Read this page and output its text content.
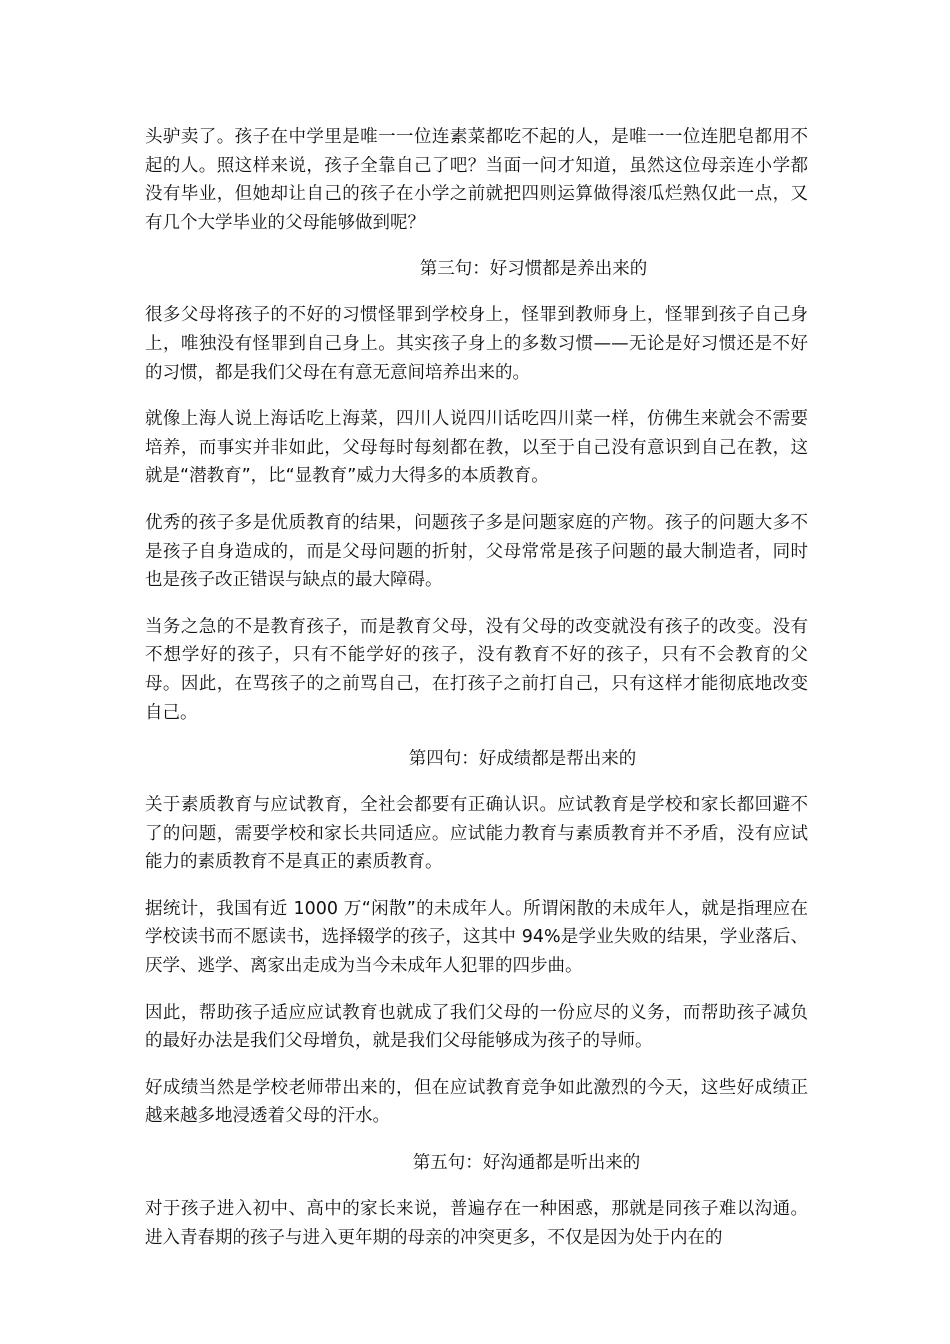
头驴卖了。孩子在中学里是唯一一位连素菜都吃不起的人，是唯一一位连肥皂都用不起的人。照这样来说，孩子全靠自己了吧？当面一问才知道，虽然这位母亲连小学都没有毕业，但她却让自己的孩子在小学之前就把四则运算做得滚瓜烂熟仅此一点，又有几个大学毕业的父母能够做到呢？

第三句：好习惯都是养出来的

很多父母将孩子的不好的习惯怪罪到学校身上，怪罪到教师身上，怪罪到孩子自己身上，唯独没有怪罪到自己身上。其实孩子身上的多数习惯——无论是好习惯还是不好的习惯，都是我们父母在有意无意间培养出来的。

就像上海人说上海话吃上海菜，四川人说四川话吃四川菜一样，仿佛生来就会不需要培养，而事实并非如此，父母每时每刻都在教，以至于自己没有意识到自己在教，这就是“潜教育”，比“显教育”威力大得多的本质教育。

优秀的孩子多是优质教育的结果，问题孩子多是问题家庭的产物。孩子的问题大多不是孩子自身造成的，而是父母问题的折射，父母常常是孩子问题的最大制造者，同时也是孩子改正错误与缺点的最大障碍。

当务之急的不是教育孩子，而是教育父母，没有父母的改变就没有孩子的改变。没有不想学好的孩子，只有不能学好的孩子，没有教育不好的孩子，只有不会教育的父母。因此，在骂孩子的之前骂自己，在打孩子之前打自己，只有这样才能彻底地改变自己。

第四句：好成绩都是帮出来的

关于素质教育与应试教育，全社会都要有正确认识。应试教育是学校和家长都回避不了的问题，需要学校和家长共同适应。应试能力教育与素质教育并不矛盾，没有应试能力的素质教育不是真正的素质教育。

据统计，我国有近 1000 万“闲散”的未成年人。所谓闲散的未成年人，就是指理应在学校读书而不愿读书，选择辍学的孩子，这其中 94%是学业失败的结果，学业落后、厌学、逃学、离家出走成为当今未成年人犯罪的四步曲。

因此，帮助孩子适应应试教育也就成了我们父母的一份应尽的义务，而帮助孩子减负的最好办法是我们父母增负，就是我们父母能够成为孩子的导师。

好成绩当然是学校老师带出来的，但在应试教育竞争如此激烈的今天，这些好成绩正越来越多地浸透着父母的汗水。

第五句：好沟通都是听出来的

对于孩子进入初中、高中的家长来说，普遍存在一种困惑，那就是同孩子难以沟通。进入青春期的孩子与进入更年期的母亲的冲突更多，不仅是因为处于内在的
